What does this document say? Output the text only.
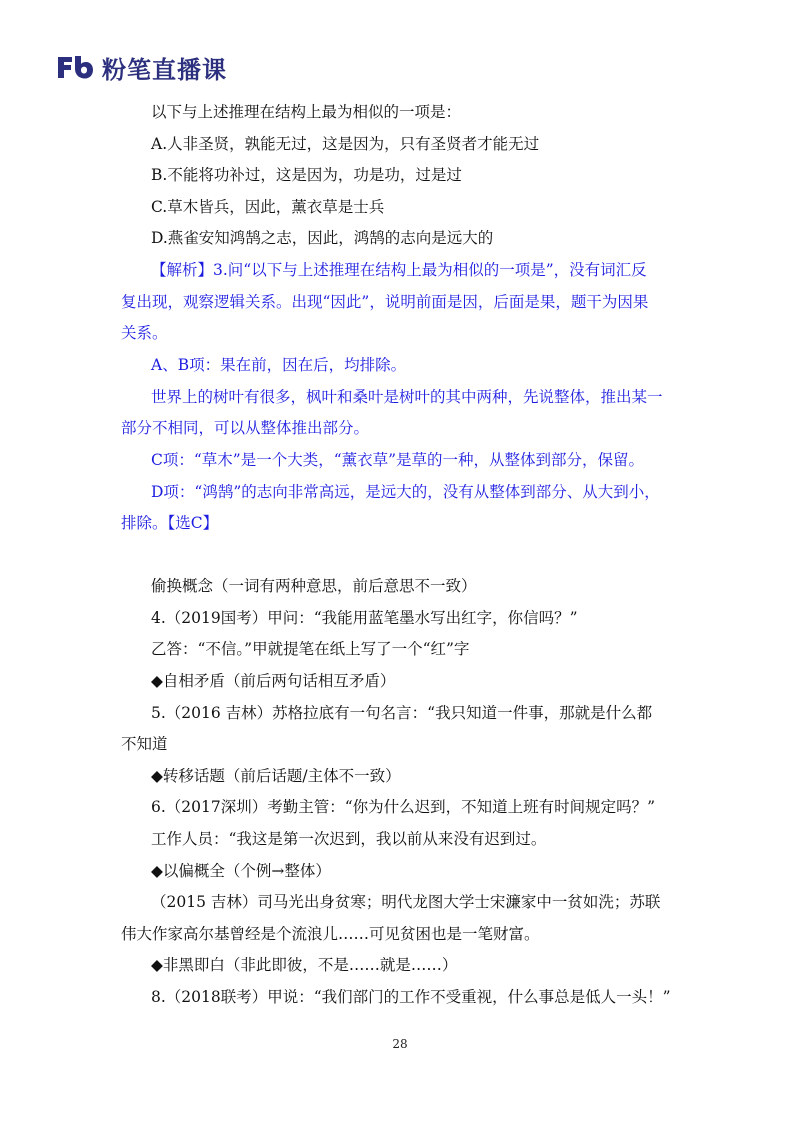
粉笔直播课
以下与上述推理在结构上最为相似的一项是：
A.人非圣贤，孰能无过，这是因为，只有圣贤者才能无过
B.不能将功补过，这是因为，功是功，过是过
C.草木皆兵，因此，薰衣草是士兵
D.燕雀安知鸿鹄之志，因此，鸿鹄的志向是远大的
【解析】3.问“以下与上述推理在结构上最为相似的一项是”，没有词汇反
复出现，观察逻辑关系。出现“因此”，说明前面是因，后面是果，题干为因果
关系。
A、B项：果在前，因在后，均排除。
世界上的树叶有很多，枫叶和桑叶是树叶的其中两种，先说整体，推出某一
部分不相同，可以从整体推出部分。
C项：“草木”是一个大类，“薰衣草”是草的一种，从整体到部分，保留。
D项：“鸿鹄”的志向非常高远，是远大的，没有从整体到部分、从大到小，
排除。【选C】
偷换概念（一词有两种意思，前后意思不一致）
4.（2019国考）甲问：“我能用蓝笔墨水写出红字，你信吗？”
乙答：“不信。”甲就提笔在纸上写了一个“红”字
◆自相矛盾（前后两句话相互矛盾）
5.（2016 吉林）苏格拉底有一句名言：“我只知道一件事，那就是什么都
不知道
◆转移话题（前后话题/主体不一致）
6.（2017深圳）考勤主管：“你为什么迟到，不知道上班有时间规定吗？”
工作人员：“我这是第一次迟到，我以前从来没有迟到过。
◆以偏概全（个例→整体）
（2015 吉林）司马光出身贫寒；明代龙图大学士宋濂家中一贫如洗；苏联
伟大作家高尔基曾经是个流浪儿……可见贫困也是一笔财富。
◆非黑即白（非此即彼，不是……就是……）
8.（2018联考）甲说：“我们部门的工作不受重视，什么事总是低人一头！”
28
